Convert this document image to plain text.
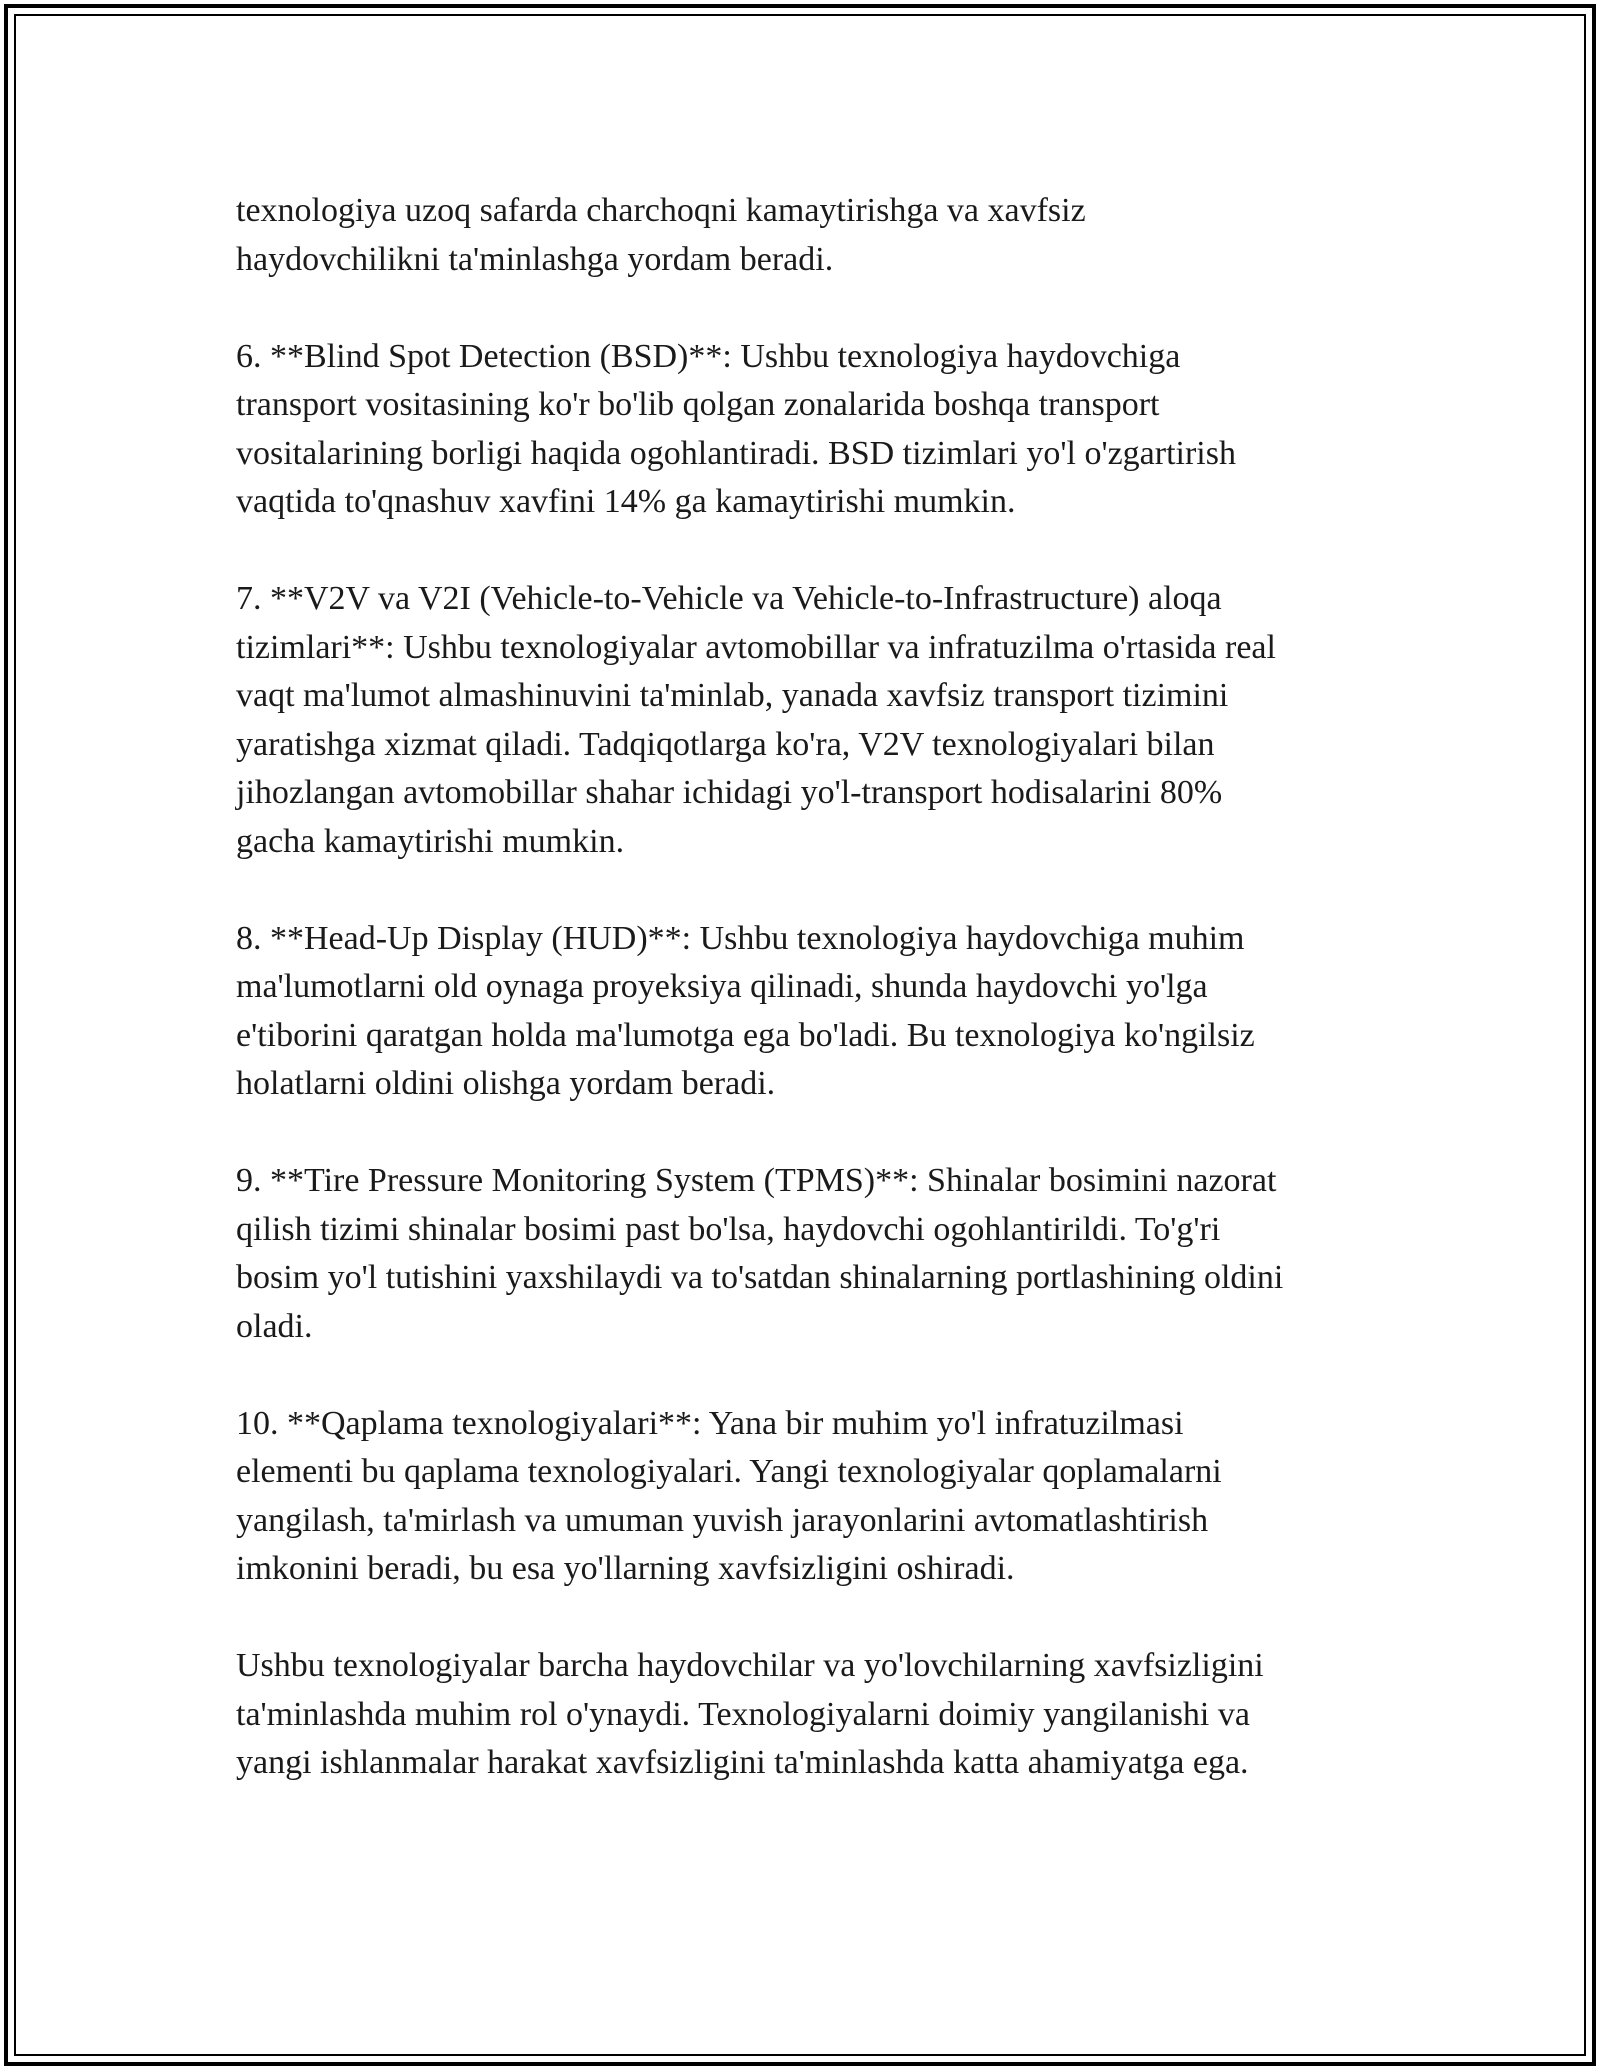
texnologiya uzoq safarda charchoqni kamaytirishga va xavfsiz
haydovchilikni ta'minlashga yordam beradi.

6. **Blind Spot Detection (BSD)**: Ushbu texnologiya haydovchiga
transport vositasining ko'r bo'lib qolgan zonalarida boshqa transport
vositalarining borligi haqida ogohlantiradi. BSD tizimlari yo'l o'zgartirish
vaqtida to'qnashuv xavfini 14% ga kamaytirishi mumkin.

7. **V2V va V2I (Vehicle-to-Vehicle va Vehicle-to-Infrastructure) aloqa
tizimlari**: Ushbu texnologiyalar avtomobillar va infratuzilma o'rtasida real
vaqt ma'lumot almashinuvini ta'minlab, yanada xavfsiz transport tizimini
yaratishga xizmat qiladi. Tadqiqotlarga ko'ra, V2V texnologiyalari bilan
jihozlangan avtomobillar shahar ichidagi yo'l-transport hodisalarini 80%
gacha kamaytirishi mumkin.

8. **Head-Up Display (HUD)**: Ushbu texnologiya haydovchiga muhim
ma'lumotlarni old oynaga proyeksiya qilinadi, shunda haydovchi yo'lga
e'tiborini qaratgan holda ma'lumotga ega bo'ladi. Bu texnologiya ko'ngilsiz
holatlarni oldini olishga yordam beradi.

9. **Tire Pressure Monitoring System (TPMS)**: Shinalar bosimini nazorat
qilish tizimi shinalar bosimi past bo'lsa, haydovchi ogohlantirildi. To'g'ri
bosim yo'l tutishini yaxshilaydi va to'satdan shinalarning portlashining oldini
oladi.

10. **Qaplama texnologiyalari**: Yana bir muhim yo'l infratuzilmasi
elementi bu qaplama texnologiyalari. Yangi texnologiyalar qoplamalarni
yangilash, ta'mirlash va umuman yuvish jarayonlarini avtomatlashtirish
imkonini beradi, bu esa yo'llarning xavfsizligini oshiradi.

Ushbu texnologiyalar barcha haydovchilar va yo'lovchilarning xavfsizligini
ta'minlashda muhim rol o'ynaydi. Texnologiyalarni doimiy yangilanishi va
yangi ishlanmalar harakat xavfsizligini ta'minlashda katta ahamiyatga ega.
